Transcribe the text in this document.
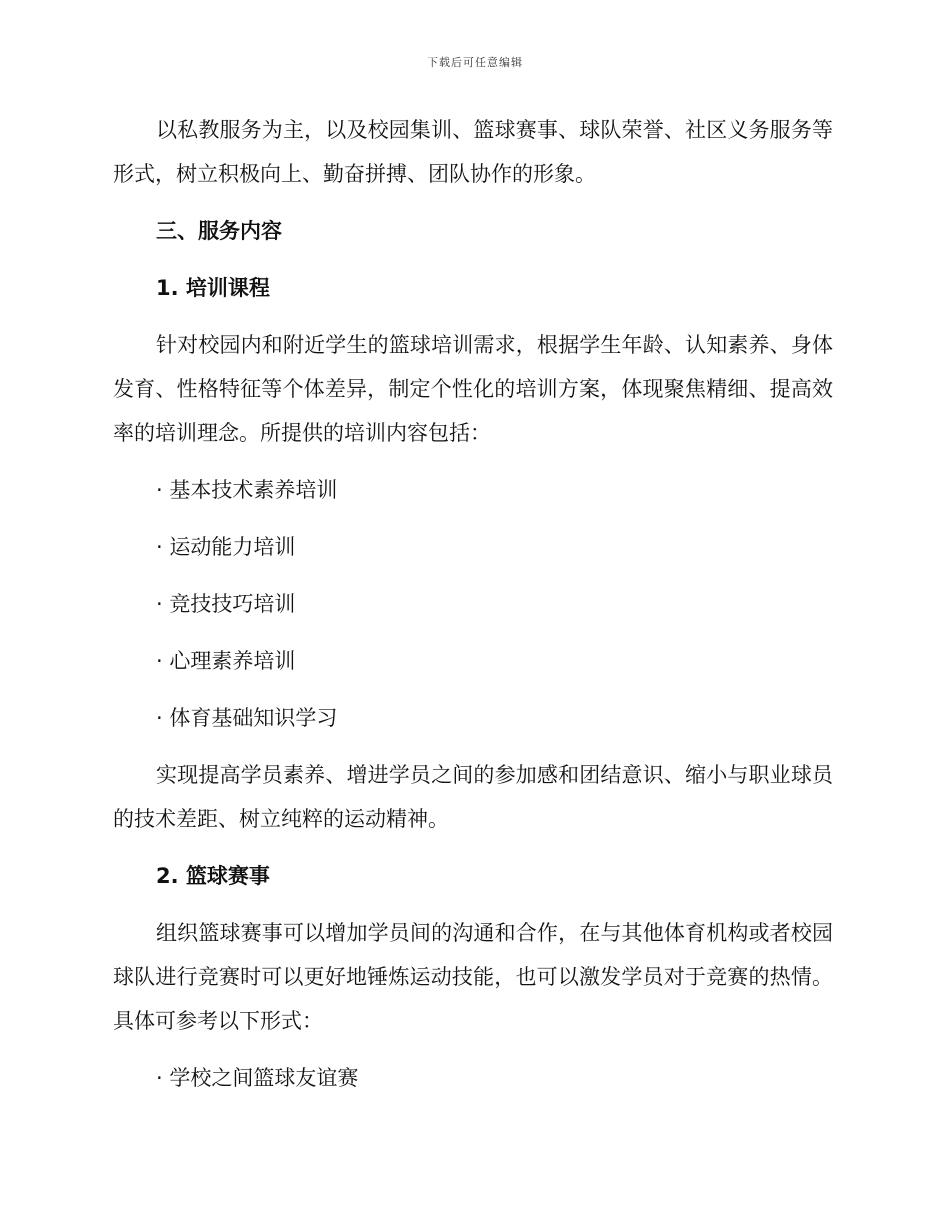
下载后可任意编辑

以私教服务为主，以及校园集训、篮球赛事、球队荣誉、社区义务服务等形式，树立积极向上、勤奋拼搏、团队协作的形象。

三、服务内容
1. 培训课程

针对校园内和附近学生的篮球培训需求，根据学生年龄、认知素养、身体发育、性格特征等个体差异，制定个性化的培训方案，体现聚焦精细、提高效率的培训理念。所提供的培训内容包括：

· 基本技术素养培训
· 运动能力培训
· 竞技技巧培训
· 心理素养培训
· 体育基础知识学习

实现提高学员素养、增进学员之间的参加感和团结意识、缩小与职业球员的技术差距、树立纯粹的运动精神。

2. 篮球赛事

组织篮球赛事可以增加学员间的沟通和合作，在与其他体育机构或者校园球队进行竞赛时可以更好地锤炼运动技能，也可以激发学员对于竞赛的热情。具体可参考以下形式：

· 学校之间篮球友谊赛
